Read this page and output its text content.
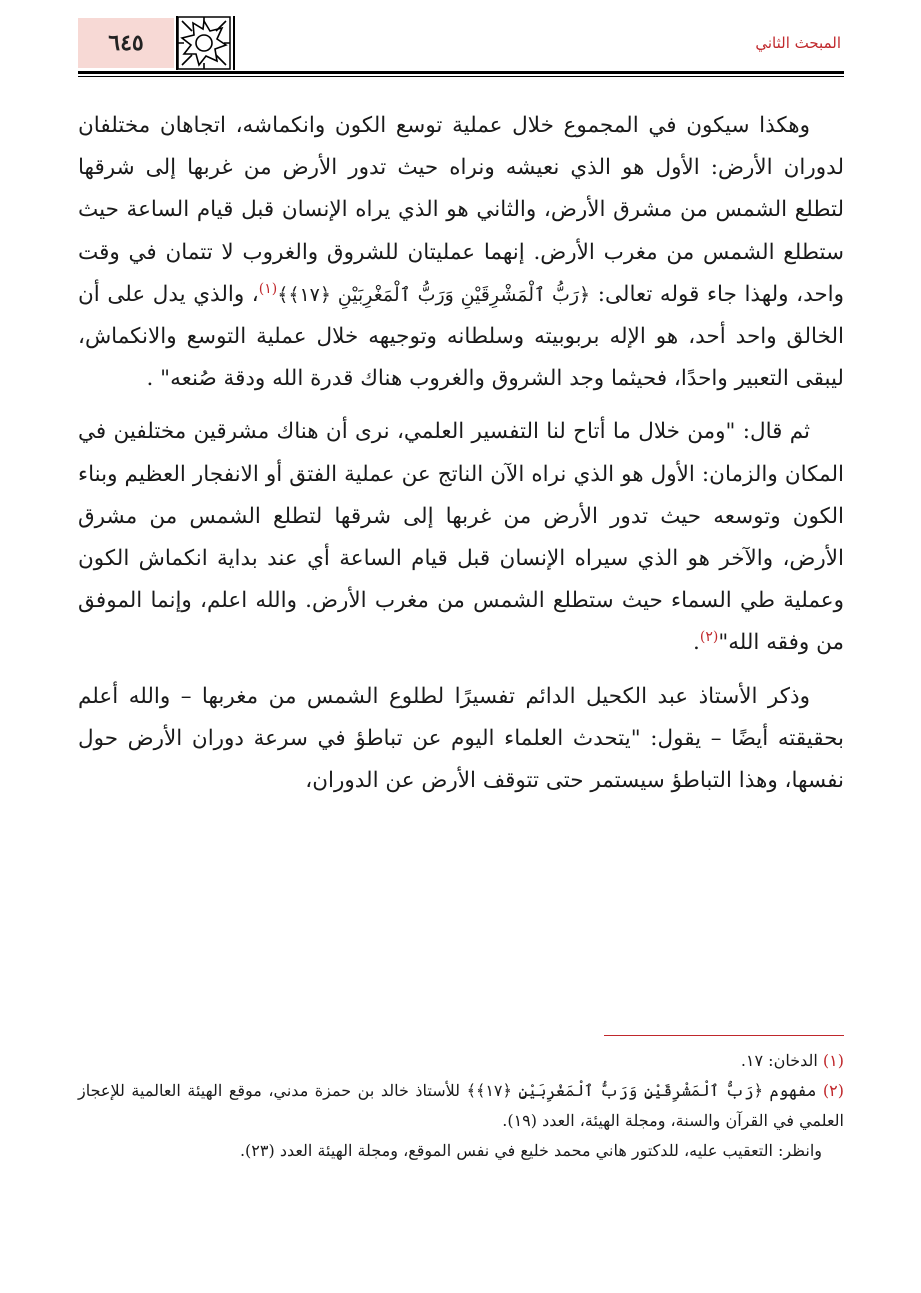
٦٤٥	المبحث الثاني

وهكذا سيكون في المجموع خلال عملية توسع الكون وانكماشه، اتجاهان مختلفان لدوران الأرض: الأول هو الذي نعيشه ونراه حيث تدور الأرض من غربها إلى شرقها لتطلع الشمس من مشرق الأرض، والثاني هو الذي يراه الإنسان قبل قيام الساعة حيث ستطلع الشمس من مغرب الأرض. إنهما عمليتان للشروق والغروب لا تتمان في وقت واحد، ولهذا جاء قوله تعالى: ﴿رَبُّ ٱلْمَشْرِقَيْنِ وَرَبُّ ٱلْمَغْرِبَيْنِ ﴿١٧﴾﴾$^{(١)}$، والذي يدل على أن الخالق واحد أحد، هو الإله بربوبيته وسلطانه وتوجيهه خلال عملية التوسع والانكماش، ليبقى التعبير واحدًا، فحيثما وجد الشروق والغروب هناك قدرة الله ودقة صُنعه" .

ثم قال: "ومن خلال ما أتاح لنا التفسير العلمي، نرى أن هناك مشرقين مختلفين في المكان والزمان: الأول هو الذي نراه الآن الناتج عن عملية الفتق أو الانفجار العظيم وبناء الكون وتوسعه حيث تدور الأرض من غربها إلى شرقها لتطلع الشمس من مشرق الأرض، والآخر هو الذي سيراه الإنسان قبل قيام الساعة أي عند بداية انكماش الكون وعملية طي السماء حيث ستطلع الشمس من مغرب الأرض. والله اعلم، وإنما الموفق من وفقه الله"$^{(٢)}$.

وذكر الأستاذ عبد الكحيل الدائم تفسيرًا لطلوع الشمس من مغربها – والله أعلم بحقيقته أيضًا – يقول: "يتحدث العلماء اليوم عن تباطؤ في سرعة دوران الأرض حول نفسها، وهذا التباطؤ سيستمر حتى تتوقف الأرض عن الدوران،

(١) الدخان: ١٧.

(٢) مفهوم ﴿رَبُّ ٱلْمَشْرِقَيْنِ وَرَبُّ ٱلْمَغْرِبَيْنِ ﴿١٧﴾﴾ للأستاذ خالد بن حمزة مدني، موقع الهيئة العالمية للإعجاز العلمي في القرآن والسنة، ومجلة الهيئة، العدد (١٩).

وانظر: التعقيب عليه، للدكتور هاني محمد خليع في نفس الموقع، ومجلة الهيئة العدد (٢٣).
